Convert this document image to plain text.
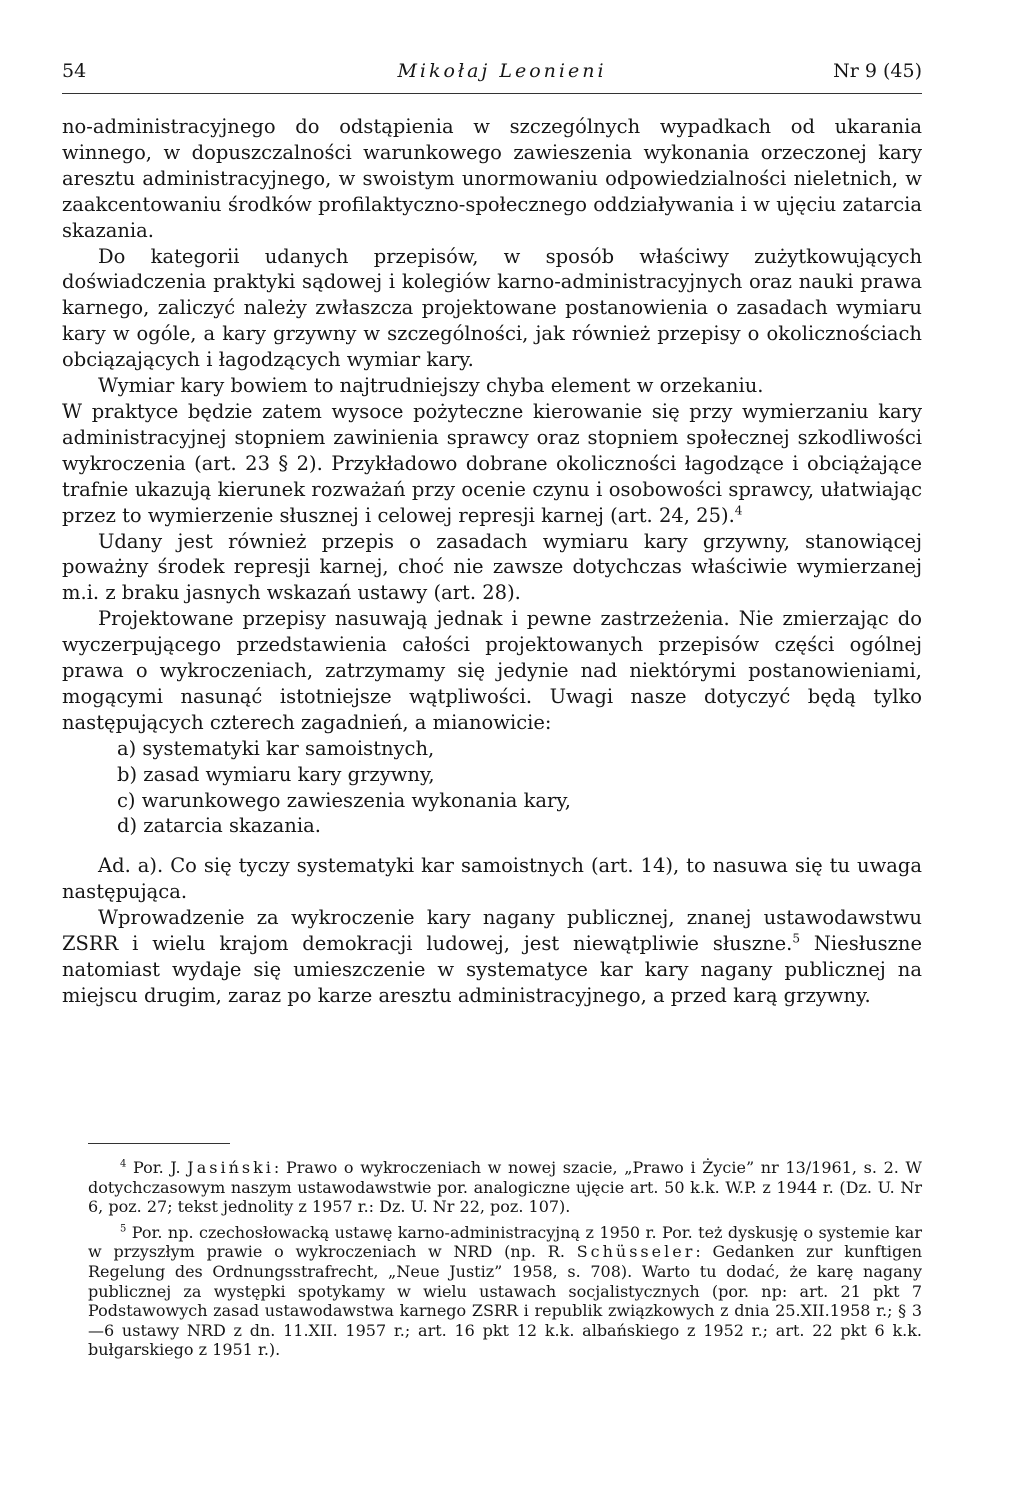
54	Mikołaj Leonieni	Nr 9 (45)

no-administracyjnego do odstąpienia w szczególnych wypadkach od ukarania winnego, w dopuszczalności warunkowego zawieszenia wykonania orzeczonej kary aresztu administracyjnego, w swoistym unormowaniu odpowiedzialności nieletnich, w zaakcentowaniu środków profilaktyczno-społecznego oddziaływania i w ujęciu zatarcia skazania.

Do kategorii udanych przepisów, w sposób właściwy zużytkowujących doświadczenia praktyki sądowej i kolegiów karno-administracyjnych oraz nauki prawa karnego, zaliczyć należy zwłaszcza projektowane postanowienia o zasadach wymiaru kary w ogóle, a kary grzywny w szczególności, jak również przepisy o okolicznościach obciązających i łagodzących wymiar kary.

Wymiar kary bowiem to najtrudniejszy chyba element w orzekaniu.

W praktyce będzie zatem wysoce pożyteczne kierowanie się przy wymierzaniu kary administracyjnej stopniem zawinienia sprawcy oraz stopniem społecznej szkodliwości wykroczenia (art. 23 § 2). Przykładowo dobrane okoliczności łagodzące i obciążające trafnie ukazują kierunek rozważań przy ocenie czynu i osobowości sprawcy, ułatwiając przez to wymierzenie słusznej i celowej represji karnej (art. 24, 25).$^4$

Udany jest również przepis o zasadach wymiaru kary grzywny, stanowiącej poważny środek represji karnej, choć nie zawsze dotychczas właściwie wymierzanej m.i. z braku jasnych wskazań ustawy (art. 28).

Projektowane przepisy nasuwają jednak i pewne zastrzeżenia. Nie zmierzając do wyczerpującego przedstawienia całości projektowanych przepisów części ogólnej prawa o wykroczeniach, zatrzymamy się jedynie nad niektórymi postanowieniami, mogącymi nasunąć istotniejsze wątpliwości. Uwagi nasze dotyczyć będą tylko następujących czterech zagadnień, a mianowicie:

a) systematyki kar samoistnych,
b) zasad wymiaru kary grzywny,
c) warunkowego zawieszenia wykonania kary,
d) zatarcia skazania.

Ad. a). Co się tyczy systematyki kar samoistnych (art. 14), to nasuwa się tu uwaga następująca.

Wprowadzenie za wykroczenie kary nagany publicznej, znanej ustawodawstwu ZSRR i wielu krajom demokracji ludowej, jest niewątpliwie słuszne.$^5$ Niesłuszne natomiast wydaje się umieszczenie w systematyce kar kary nagany publicznej na miejscu drugim, zaraz po karze aresztu administracyjnego, a przed karą grzywny.

$^4$ Por. J. Jasiński: Prawo o wykroczeniach w nowej szacie, „Prawo i Życie” nr 13/1961, s. 2. W dotychczasowym naszym ustawodawstwie por. analogiczne ujęcie art. 50 k.k. W.P. z 1944 r. (Dz. U. Nr 6, poz. 27; tekst jednolity z 1957 r.: Dz. U. Nr 22, poz. 107).

$^5$ Por. np. czechosłowacką ustawę karno-administracyjną z 1950 r. Por. też dyskusję o systemie kar w przyszłym prawie o wykroczeniach w NRD (np. R. Schüsseler: Gedanken zur kunftigen Regelung des Ordnungsstrafrecht, „Neue Justiz” 1958, s. 708). Warto tu dodać, że karę nagany publicznej za występki spotykamy w wielu ustawach socjalistycznych (por. np: art. 21 pkt 7 Podstawowych zasad ustawodawstwa karnego ZSRR i republik związkowych z dnia 25.XII.1958 r.; § 3—6 ustawy NRD z dn. 11.XII. 1957 r.; art. 16 pkt 12 k.k. albańskiego z 1952 r.; art. 22 pkt 6 k.k. bułgarskiego z 1951 r.).
